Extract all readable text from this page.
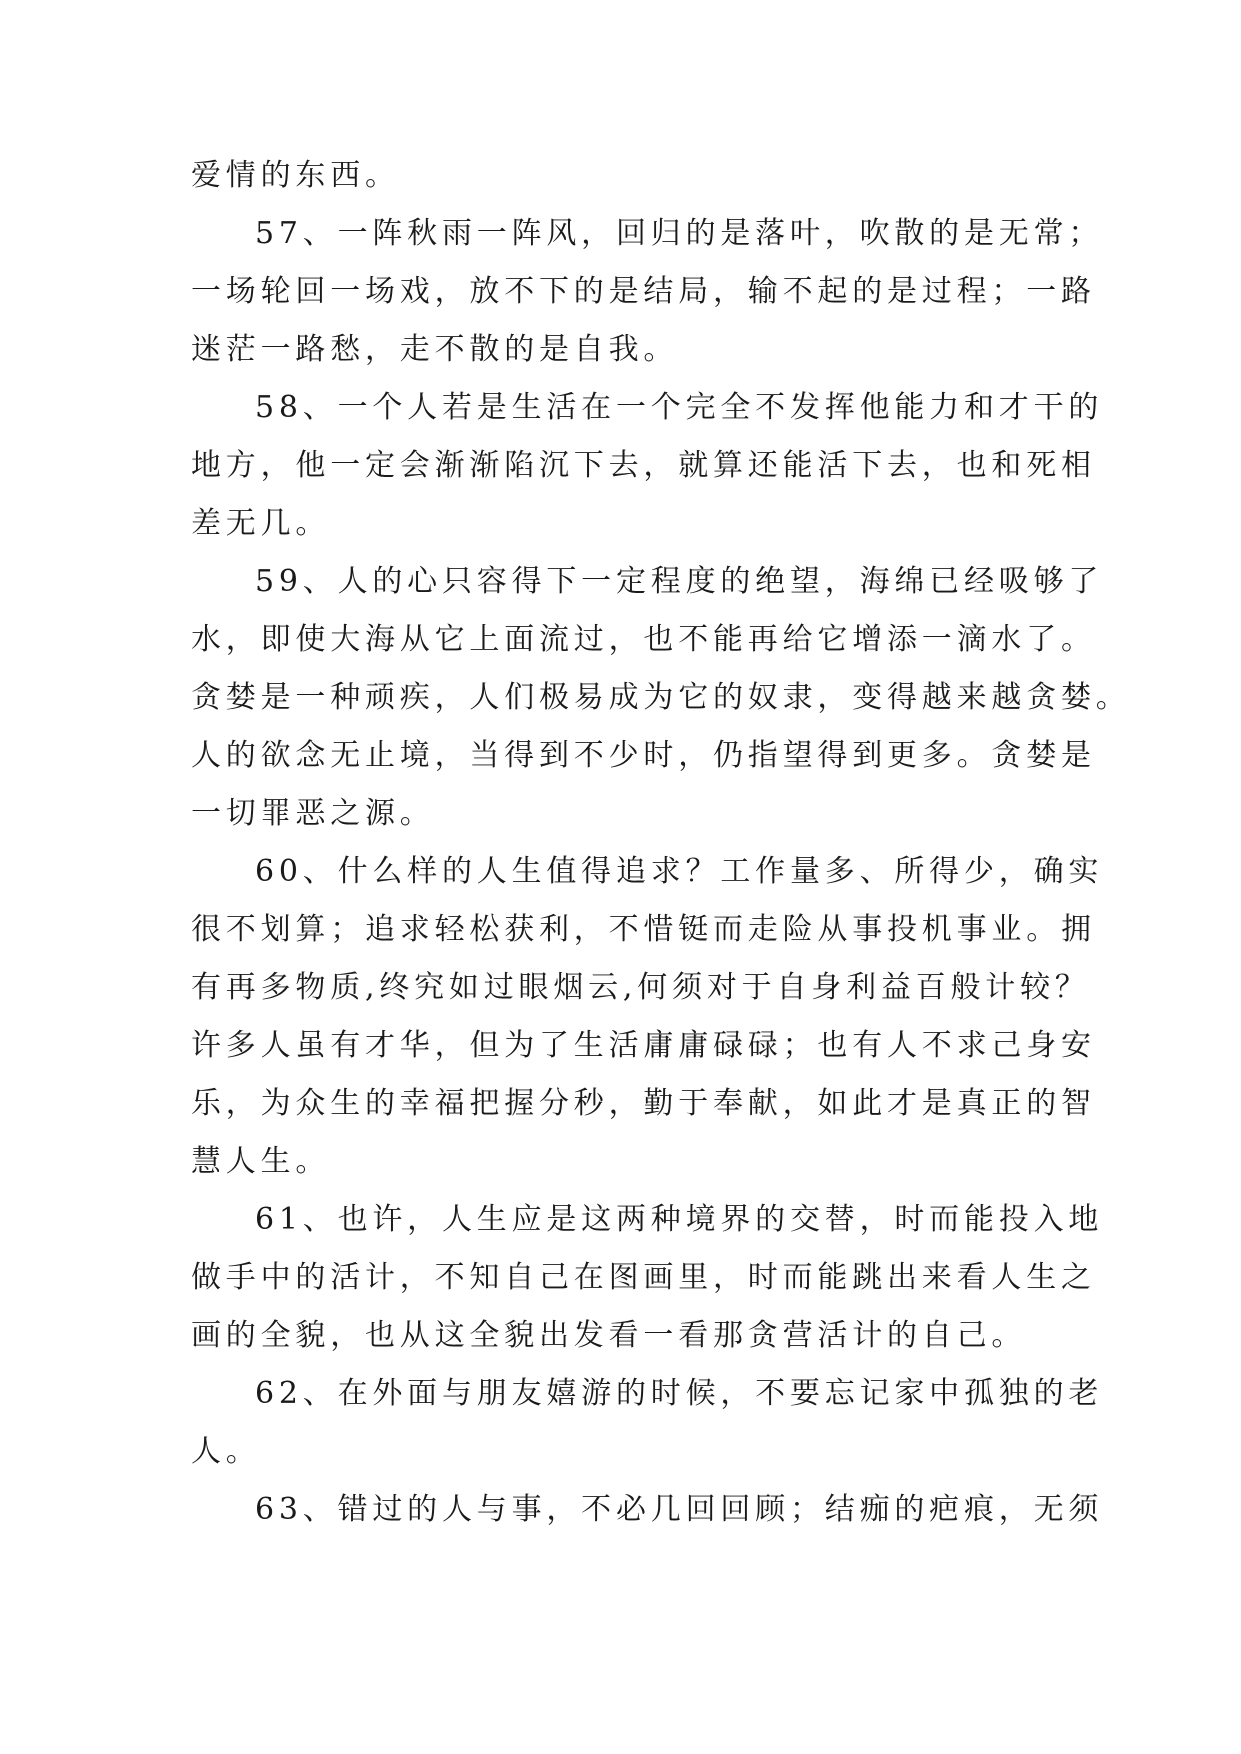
爱情的东西。
57、一阵秋雨一阵风，回归的是落叶，吹散的是无常；
一场轮回一场戏，放不下的是结局，输不起的是过程；一路
迷茫一路愁，走不散的是自我。
58、一个人若是生活在一个完全不发挥他能力和才干的
地方，他一定会渐渐陷沉下去，就算还能活下去，也和死相
差无几。
59、人的心只容得下一定程度的绝望，海绵已经吸够了
水，即使大海从它上面流过，也不能再给它增添一滴水了。
贪婪是一种顽疾，人们极易成为它的奴隶，变得越来越贪婪。
人的欲念无止境，当得到不少时，仍指望得到更多。贪婪是
一切罪恶之源。
60、什么样的人生值得追求？工作量多、所得少，确实
很不划算；追求轻松获利，不惜铤而走险从事投机事业。拥
有再多物质,终究如过眼烟云,何须对于自身利益百般计较？
许多人虽有才华，但为了生活庸庸碌碌；也有人不求己身安
乐，为众生的幸福把握分秒，勤于奉献，如此才是真正的智
慧人生。
61、也许，人生应是这两种境界的交替，时而能投入地
做手中的活计，不知自己在图画里，时而能跳出来看人生之
画的全貌，也从这全貌出发看一看那贪营活计的自己。
62、在外面与朋友嬉游的时候，不要忘记家中孤独的老
人。
63、错过的人与事，不必几回回顾；结痂的疤痕，无须
